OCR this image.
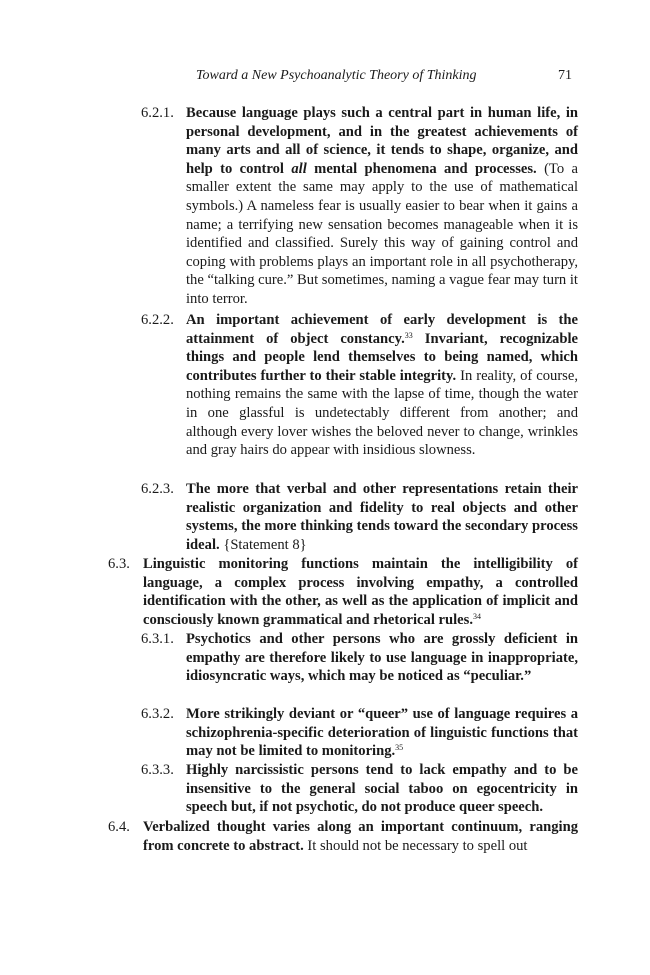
Toward a New Psychoanalytic Theory of Thinking	71
6.2.1. Because language plays such a central part in human life, in personal development, and in the greatest achievements of many arts and all of science, it tends to shape, organize, and help to control all mental phenomena and processes. (To a smaller extent the same may apply to the use of mathematical symbols.) A nameless fear is usually easier to bear when it gains a name; a terrifying new sensation becomes manageable when it is identified and classified. Surely this way of gaining control and coping with problems plays an important role in all psychotherapy, the “talking cure.” But sometimes, naming a vague fear may turn it into terror.
6.2.2. An important achievement of early development is the attainment of object constancy.$^{33}$ Invariant, recognizable things and people lend themselves to being named, which contributes further to their stable integrity. In reality, of course, nothing remains the same with the lapse of time, though the water in one glassful is undetectably different from another; and although every lover wishes the beloved never to change, wrinkles and gray hairs do appear with insidious slowness.
6.2.3. The more that verbal and other representations retain their realistic organization and fidelity to real objects and other systems, the more thinking tends toward the secondary process ideal. {Statement 8}
6.3. Linguistic monitoring functions maintain the intelligibility of language, a complex process involving empathy, a controlled identification with the other, as well as the application of implicit and consciously known grammatical and rhetorical rules.$^{34}$
6.3.1. Psychotics and other persons who are grossly deficient in empathy are therefore likely to use language in inappropriate, idiosyncratic ways, which may be noticed as “peculiar.”
6.3.2. More strikingly deviant or “queer” use of language requires a schizophrenia-specific deterioration of linguistic functions that may not be limited to monitoring.$^{35}$
6.3.3. Highly narcissistic persons tend to lack empathy and to be insensitive to the general social taboo on egocentricity in speech but, if not psychotic, do not produce queer speech.
6.4. Verbalized thought varies along an important continuum, ranging from concrete to abstract. It should not be necessary to spell out
